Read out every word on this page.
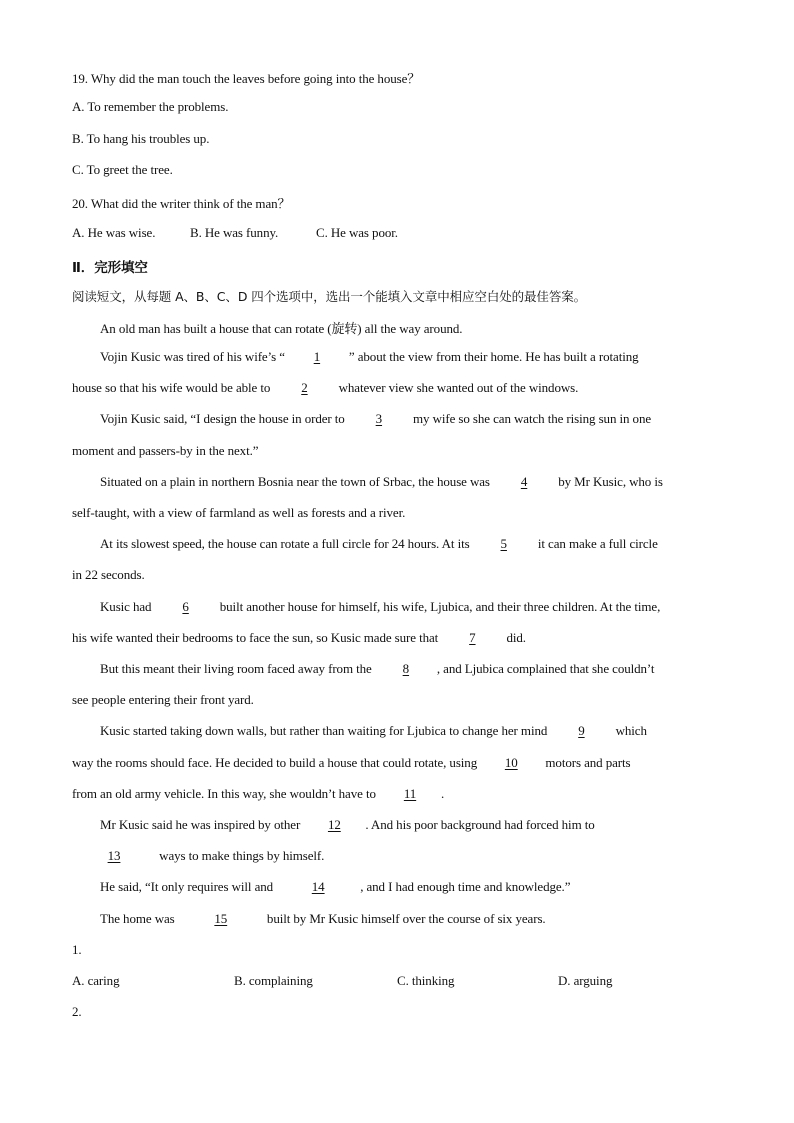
19. Why did the man touch the leaves before going into the house？
A. To remember the problems.
B. To hang his troubles up.
C. To greet the tree.
20. What did the writer think of the man？
A. He was wise.	B. He was funny.	C. He was poor.
Ⅱ．完形填空
阅读短文，从每题 A、B、C、D 四个选项中，选出一个能填入文章中相应空白处的最佳答案。
An old man has built a house that can rotate (旋转) all the way around.
Vojin Kusic was tired of his wife’s “ 1 ” about the view from their home. He has built a rotating
house so that his wife would be able to 2 whatever view she wanted out of the windows.
Vojin Kusic said, “I design the house in order to 3 my wife so she can watch the rising sun in one
moment and passers-by in the next.”
Situated on a plain in northern Bosnia near the town of Srbac, the house was 4 by Mr Kusic, who is
self-taught, with a view of farmland as well as forests and a river.
At its slowest speed, the house can rotate a full circle for 24 hours. At its 5 it can make a full circle
in 22 seconds.
Kusic had 6 built another house for himself, his wife, Ljubica, and their three children. At the time,
his wife wanted their bedrooms to face the sun, so Kusic made sure that 7 did.
But this meant their living room faced away from the 8 , and Ljubica complained that she couldn’t
see people entering their front yard.
Kusic started taking down walls, but rather than waiting for Ljubica to change her mind 9 which
way the rooms should face. He decided to build a house that could rotate, using 10 motors and parts
from an old army vehicle. In this way, she wouldn’t have to 11 .
Mr Kusic said he was inspired by other 12 . And his poor background had forced him to
13	ways to make things by himself.
He said, “It only requires will and	14	, and I had enough time and knowledge.”
The home was	15	built by Mr Kusic himself over the course of six years.
1.
A. caring	B. complaining	C. thinking	D. arguing
2.
